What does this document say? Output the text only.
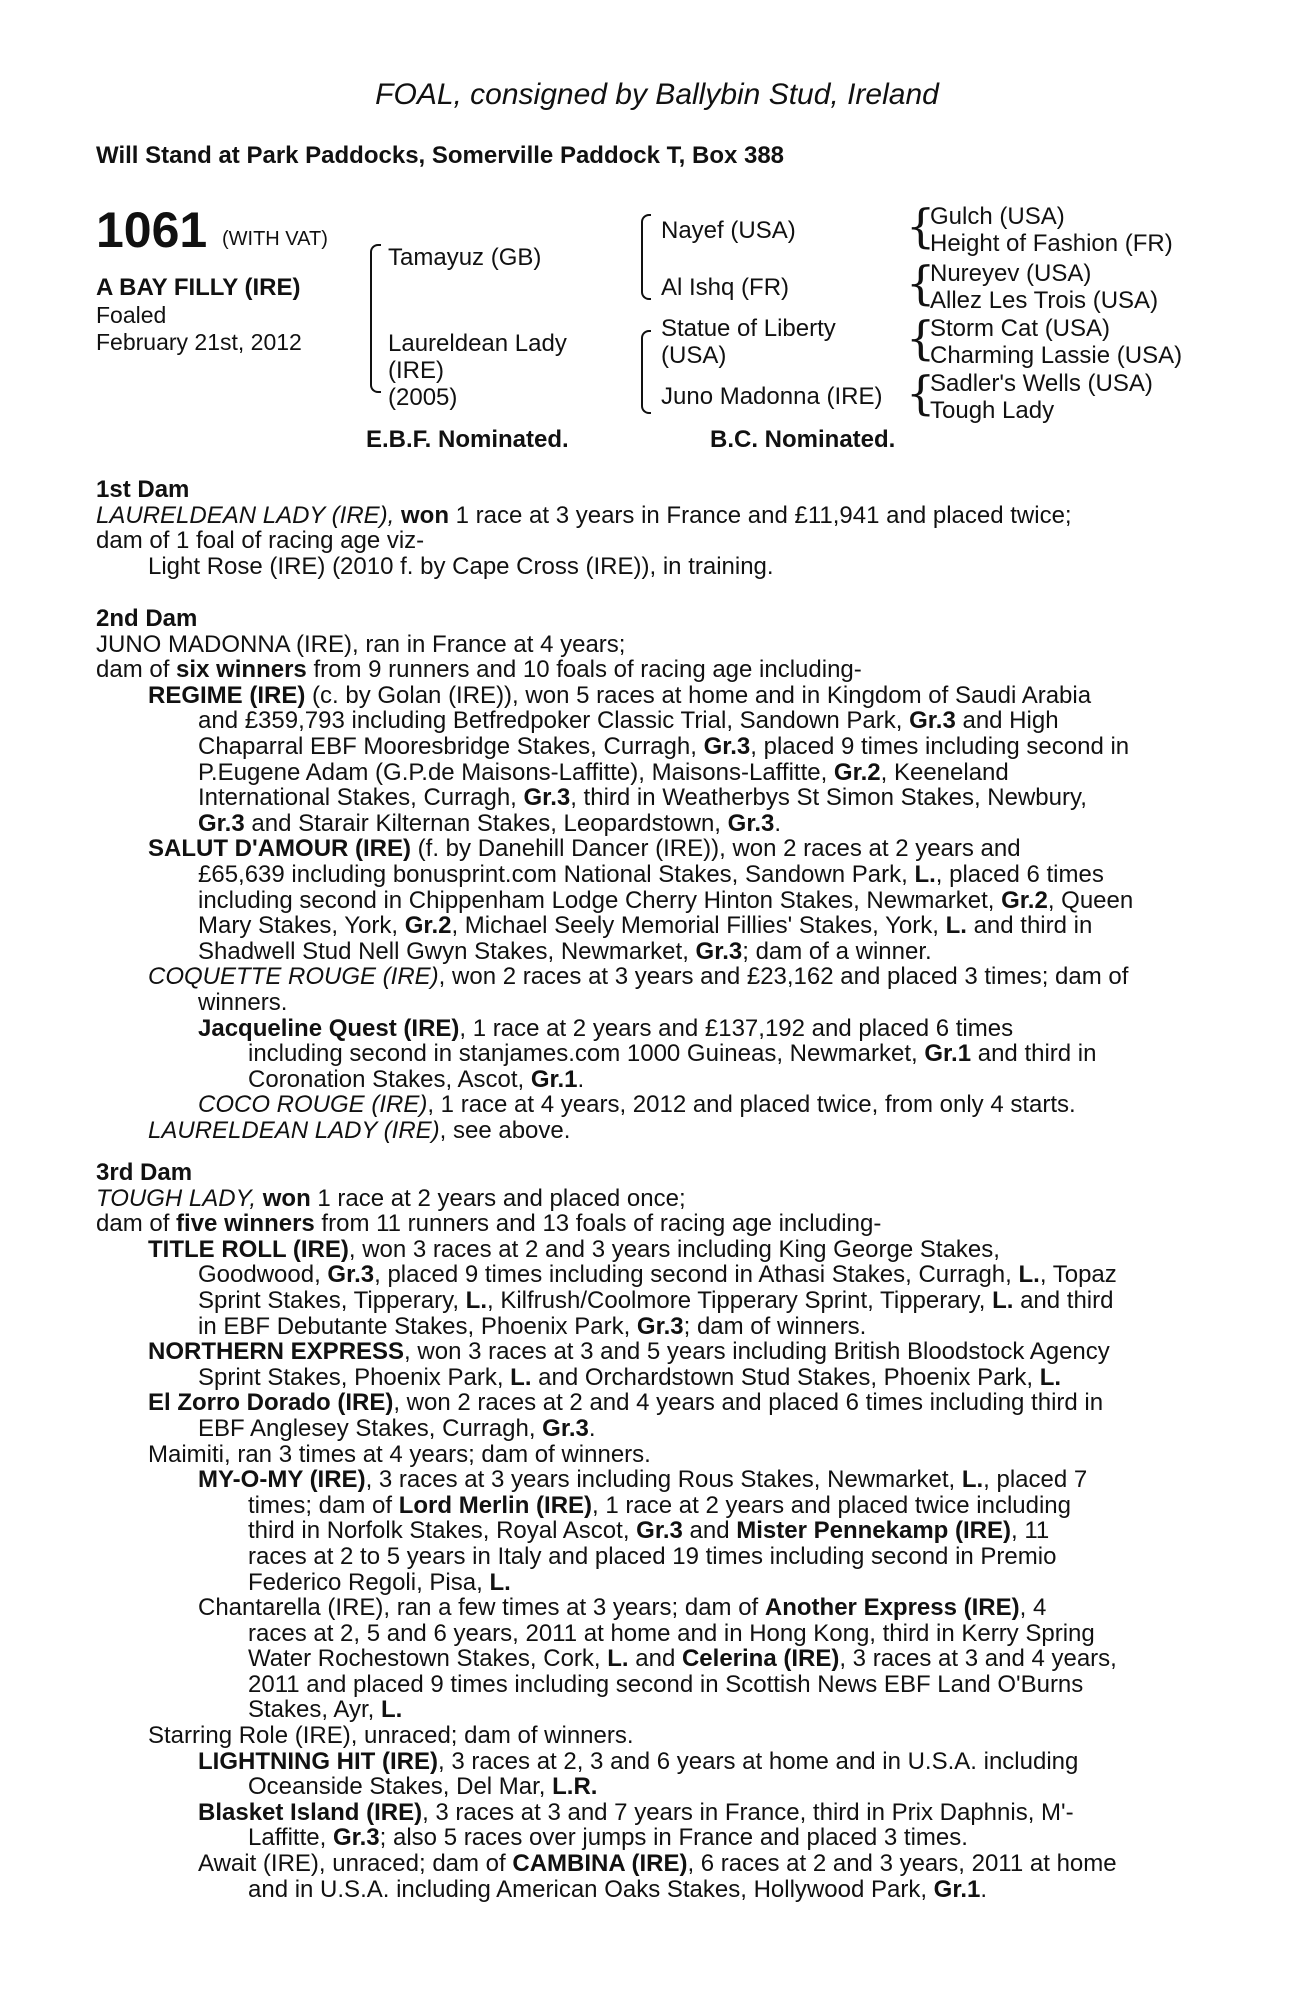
FOAL, consigned by Ballybin Stud, Ireland
Will Stand at Park Paddocks, Somerville Paddock T, Box 388
1061 (WITH VAT)
A BAY FILLY (IRE)
Foaled
February 21st, 2012
Tamayuz (GB)
Laureldean Lady
(IRE)
(2005)
Nayef (USA)
Al Ishq (FR)
Statue of Liberty
(USA)
Juno Madonna (IRE)
{
Gulch (USA)
Height of Fashion (FR)
{
Nureyev (USA)
Allez Les Trois (USA)
{
Storm Cat (USA)
Charming Lassie (USA)
{
Sadler's Wells (USA)
Tough Lady
E.B.F. Nominated.	B.C. Nominated.
1st Dam
LAURELDEAN LADY (IRE), won 1 race at 3 years in France and £11,941 and placed twice;
dam of 1 foal of racing age viz-
Light Rose (IRE) (2010 f. by Cape Cross (IRE)), in training.
2nd Dam
JUNO MADONNA (IRE), ran in France at 4 years;
dam of six winners from 9 runners and 10 foals of racing age including-
REGIME (IRE) (c. by Golan (IRE)), won 5 races at home and in Kingdom of Saudi Arabia
and £359,793 including Betfredpoker Classic Trial, Sandown Park, Gr.3 and High
Chaparral EBF Mooresbridge Stakes, Curragh, Gr.3, placed 9 times including second in
P.Eugene Adam (G.P.de Maisons-Laffitte), Maisons-Laffitte, Gr.2, Keeneland
International Stakes, Curragh, Gr.3, third in Weatherbys St Simon Stakes, Newbury,
Gr.3 and Starair Kilternan Stakes, Leopardstown, Gr.3.
SALUT D'AMOUR (IRE) (f. by Danehill Dancer (IRE)), won 2 races at 2 years and
£65,639 including bonusprint.com National Stakes, Sandown Park, L., placed 6 times
including second in Chippenham Lodge Cherry Hinton Stakes, Newmarket, Gr.2, Queen
Mary Stakes, York, Gr.2, Michael Seely Memorial Fillies' Stakes, York, L. and third in
Shadwell Stud Nell Gwyn Stakes, Newmarket, Gr.3; dam of a winner.
COQUETTE ROUGE (IRE), won 2 races at 3 years and £23,162 and placed 3 times; dam of
winners.
Jacqueline Quest (IRE), 1 race at 2 years and £137,192 and placed 6 times
including second in stanjames.com 1000 Guineas, Newmarket, Gr.1 and third in
Coronation Stakes, Ascot, Gr.1.
COCO ROUGE (IRE), 1 race at 4 years, 2012 and placed twice, from only 4 starts.
LAURELDEAN LADY (IRE), see above.
3rd Dam
TOUGH LADY, won 1 race at 2 years and placed once;
dam of five winners from 11 runners and 13 foals of racing age including-
TITLE ROLL (IRE), won 3 races at 2 and 3 years including King George Stakes,
Goodwood, Gr.3, placed 9 times including second in Athasi Stakes, Curragh, L., Topaz
Sprint Stakes, Tipperary, L., Kilfrush/Coolmore Tipperary Sprint, Tipperary, L. and third
in EBF Debutante Stakes, Phoenix Park, Gr.3; dam of winners.
NORTHERN EXPRESS, won 3 races at 3 and 5 years including British Bloodstock Agency
Sprint Stakes, Phoenix Park, L. and Orchardstown Stud Stakes, Phoenix Park, L.
El Zorro Dorado (IRE), won 2 races at 2 and 4 years and placed 6 times including third in
EBF Anglesey Stakes, Curragh, Gr.3.
Maimiti, ran 3 times at 4 years; dam of winners.
MY-O-MY (IRE), 3 races at 3 years including Rous Stakes, Newmarket, L., placed 7
times; dam of Lord Merlin (IRE), 1 race at 2 years and placed twice including
third in Norfolk Stakes, Royal Ascot, Gr.3 and Mister Pennekamp (IRE), 11
races at 2 to 5 years in Italy and placed 19 times including second in Premio
Federico Regoli, Pisa, L.
Chantarella (IRE), ran a few times at 3 years; dam of Another Express (IRE), 4
races at 2, 5 and 6 years, 2011 at home and in Hong Kong, third in Kerry Spring
Water Rochestown Stakes, Cork, L. and Celerina (IRE), 3 races at 3 and 4 years,
2011 and placed 9 times including second in Scottish News EBF Land O'Burns
Stakes, Ayr, L.
Starring Role (IRE), unraced; dam of winners.
LIGHTNING HIT (IRE), 3 races at 2, 3 and 6 years at home and in U.S.A. including
Oceanside Stakes, Del Mar, L.R.
Blasket Island (IRE), 3 races at 3 and 7 years in France, third in Prix Daphnis, M'-
Laffitte, Gr.3; also 5 races over jumps in France and placed 3 times.
Await (IRE), unraced; dam of CAMBINA (IRE), 6 races at 2 and 3 years, 2011 at home
and in U.S.A. including American Oaks Stakes, Hollywood Park, Gr.1.
